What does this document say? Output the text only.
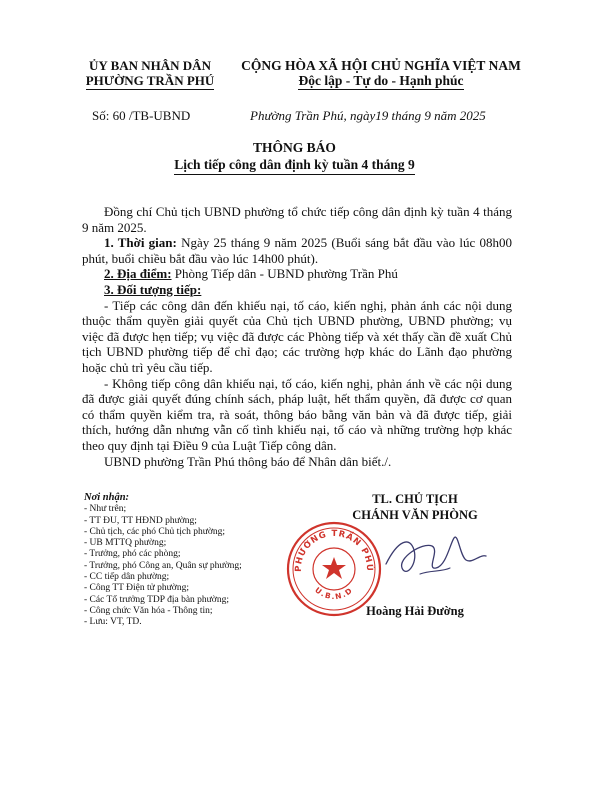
ỦY BAN NHÂN DÂN
PHƯỜNG TRẦN PHÚ
CỘNG HÒA XÃ HỘI CHỦ NGHĨA VIỆT NAM
Độc lập - Tự do - Hạnh phúc
Số: 60 /TB-UBND	Phường Trần Phú, ngày19 tháng 9 năm 2025
THÔNG BÁO
Lịch tiếp công dân định kỳ tuần 4 tháng 9

Đồng chí Chủ tịch UBND phường tổ chức tiếp công dân định kỳ tuần 4 tháng 9 năm 2025.

1. Thời gian: Ngày 25 tháng 9 năm 2025 (Buổi sáng bắt đầu vào lúc 08h00 phút, buổi chiều bắt đầu vào lúc 14h00 phút).

2. Địa điểm: Phòng Tiếp dân - UBND phường Trần Phú

3. Đối tượng tiếp:

- Tiếp các công dân đến khiếu nại, tố cáo, kiến nghị, phản ánh các nội dung thuộc thẩm quyền giải quyết của Chủ tịch UBND phường, UBND phường; vụ việc đã được hẹn tiếp; vụ việc đã được các Phòng tiếp và xét thấy cần đề xuất Chủ tịch UBND phường tiếp để chỉ đạo; các trường hợp khác do Lãnh đạo phường hoặc chủ trì yêu cầu tiếp.

- Không tiếp công dân khiếu nại, tố cáo, kiến nghị, phản ánh về các nội dung đã được giải quyết đúng chính sách, pháp luật, hết thẩm quyền, đã được cơ quan có thẩm quyền kiểm tra, rà soát, thông báo bằng văn bản và đã được tiếp, giải thích, hướng dẫn nhưng vẫn cố tình khiếu nại, tố cáo và những trường hợp khác theo quy định tại Điều 9 của Luật Tiếp công dân.

UBND phường Trần Phú thông báo để Nhân dân biết./.

Nơi nhận:
- Như trên;
- TT ĐU, TT HĐND phường;
- Chủ tịch, các phó Chủ tịch phường;
- UB MTTQ phường;
- Trưởng, phó các phòng;
- Trưởng, phó Công an, Quân sự phường;
- CC tiếp dân phường;
- Công TT Điện tử phường;
- Các Tổ trưởng TDP địa bàn phường;
- Công chức Văn hóa - Thông tin;
- Lưu: VT, TD.
TL. CHỦ TỊCH
CHÁNH VĂN PHÒNG
PHƯỜNG TRẦN PHÚ
U.B.N.D
Hoàng Hải Đường
